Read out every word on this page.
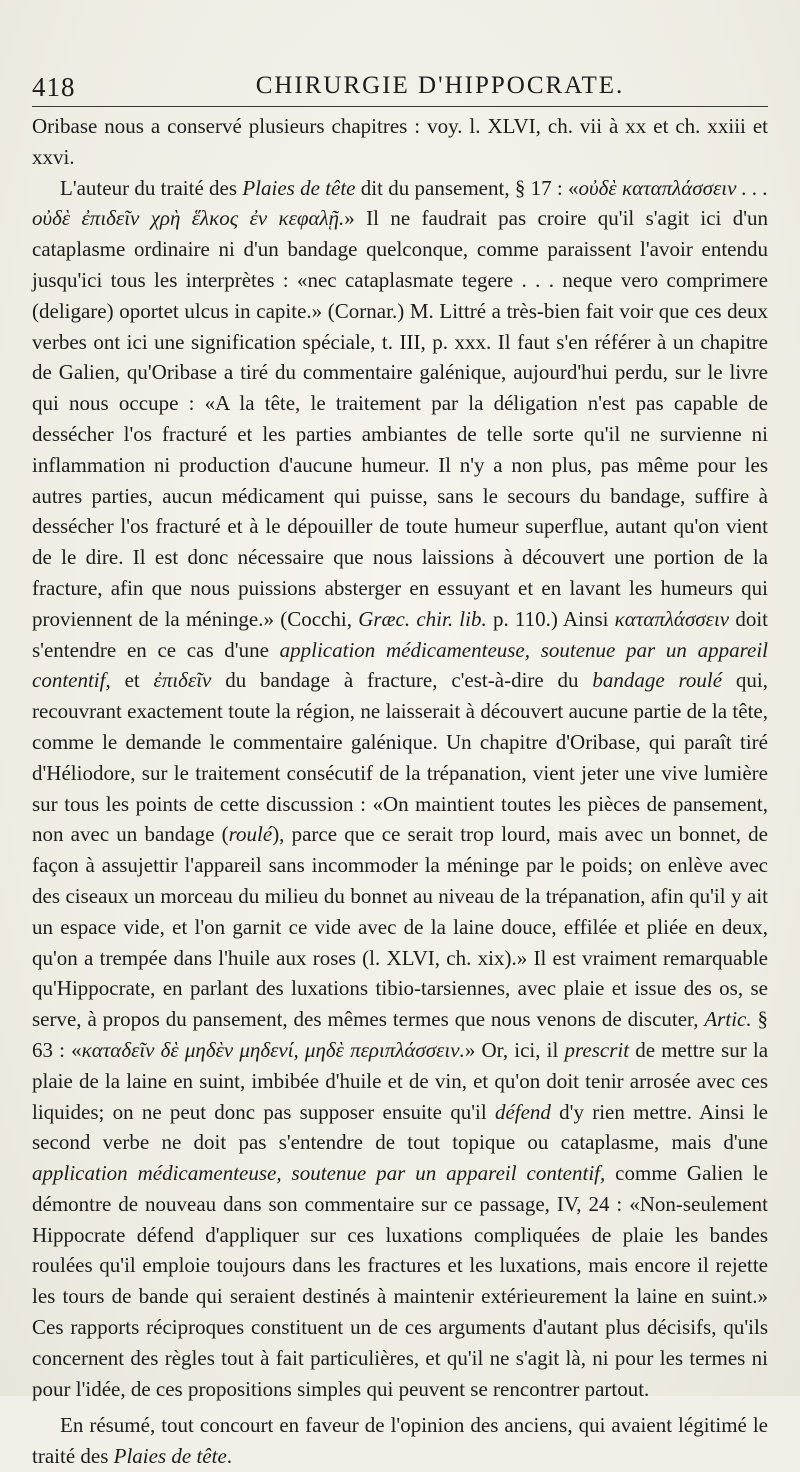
418	CHIRURGIE D'HIPPOCRATE.

Oribase nous a conservé plusieurs chapitres : voy. l. XLVI, ch. vii à xx et ch. xxiii et xxvi.

L'auteur du traité des Plaies de tête dit du pansement, § 17 : «οὐδὲ καταπλάσσειν . . . οὐδὲ ἐπιδεῖν χρὴ ἕλκος ἐν κεφαλῇ.» Il ne faudrait pas croire qu'il s'agit ici d'un cataplasme ordinaire ni d'un bandage quelconque, comme paraissent l'avoir entendu jusqu'ici tous les interprètes : «nec cataplasmate tegere . . . neque vero comprimere (deligare) oportet ulcus in capite.» (Cornar.) M. Littré a très-bien fait voir que ces deux verbes ont ici une signification spéciale, t. III, p. xxx. Il faut s'en référer à un chapitre de Galien, qu'Oribase a tiré du commentaire galénique, aujourd'hui perdu, sur le livre qui nous occupe : «A la tête, le traitement par la déligation n'est pas capable de dessécher l'os fracturé et les parties ambiantes de telle sorte qu'il ne survienne ni inflammation ni production d'aucune humeur. Il n'y a non plus, pas même pour les autres parties, aucun médicament qui puisse, sans le secours du bandage, suffire à dessécher l'os fracturé et à le dépouiller de toute humeur superflue, autant qu'on vient de le dire. Il est donc nécessaire que nous laissions à découvert une portion de la fracture, afin que nous puissions absterger en essuyant et en lavant les humeurs qui proviennent de la méninge.» (Cocchi, Græc. chir. lib. p. 110.) Ainsi καταπλάσσειν doit s'entendre en ce cas d'une application médicamenteuse, soutenue par un appareil contentif, et ἐπιδεῖν du bandage à fracture, c'est-à-dire du bandage roulé qui, recouvrant exactement toute la région, ne laisserait à découvert aucune partie de la tête, comme le demande le commentaire galénique. Un chapitre d'Oribase, qui paraît tiré d'Héliodore, sur le traitement consécutif de la trépanation, vient jeter une vive lumière sur tous les points de cette discussion : «On maintient toutes les pièces de pansement, non avec un bandage (roulé), parce que ce serait trop lourd, mais avec un bonnet, de façon à assujettir l'appareil sans incommoder la méninge par le poids; on enlève avec des ciseaux un morceau du milieu du bonnet au niveau de la trépanation, afin qu'il y ait un espace vide, et l'on garnit ce vide avec de la laine douce, effilée et pliée en deux, qu'on a trempée dans l'huile aux roses (l. XLVI, ch. xix).» Il est vraiment remarquable qu'Hippocrate, en parlant des luxations tibio-tarsiennes, avec plaie et issue des os, se serve, à propos du pansement, des mêmes termes que nous venons de discuter, Artic. § 63 : «καταδεῖν δὲ μηδὲν μηδενί, μηδὲ περιπλάσσειν.» Or, ici, il prescrit de mettre sur la plaie de la laine en suint, imbibée d'huile et de vin, et qu'on doit tenir arrosée avec ces liquides; on ne peut donc pas supposer ensuite qu'il défend d'y rien mettre. Ainsi le second verbe ne doit pas s'entendre de tout topique ou cataplasme, mais d'une application médicamenteuse, soutenue par un appareil contentif, comme Galien le démontre de nouveau dans son commentaire sur ce passage, IV, 24 : «Non-seulement Hippocrate défend d'appliquer sur ces luxations compliquées de plaie les bandes roulées qu'il emploie toujours dans les fractures et les luxations, mais encore il rejette les tours de bande qui seraient destinés à maintenir extérieurement la laine en suint.» Ces rapports réciproques constituent un de ces arguments d'autant plus décisifs, qu'ils concernent des règles tout à fait particulières, et qu'il ne s'agit là, ni pour les termes ni pour l'idée, de ces propositions simples qui peuvent se rencontrer partout.

En résumé, tout concourt en faveur de l'opinion des anciens, qui avaient légitimé le traité des Plaies de tête.
